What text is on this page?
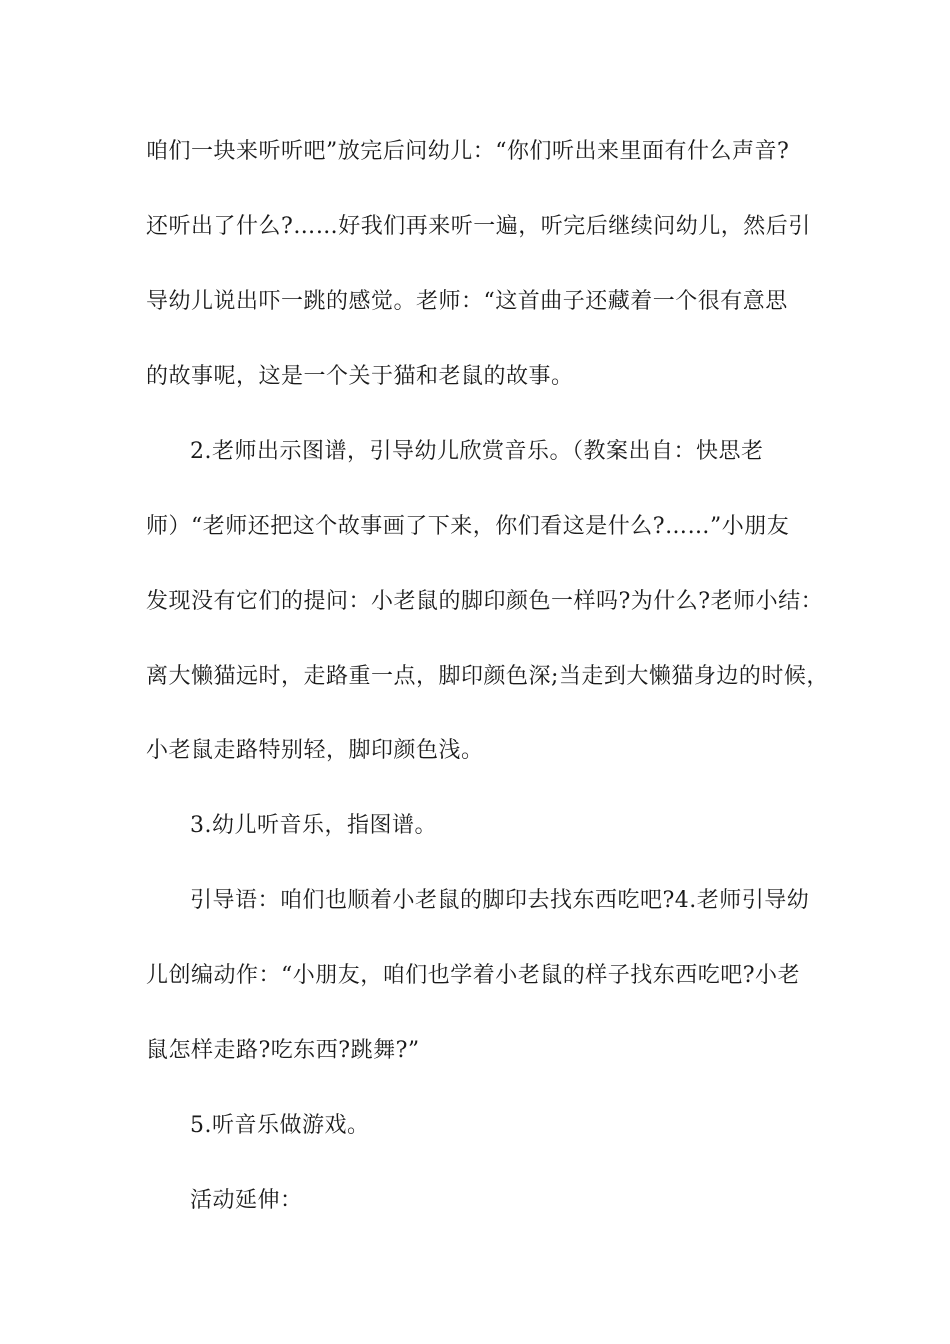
咱们一块来听听吧”放完后问幼儿：“你们听出来里面有什么声音?
还听出了什么?……好我们再来听一遍，听完后继续问幼儿，然后引
导幼儿说出吓一跳的感觉。老师：“这首曲子还藏着一个很有意思
的故事呢，这是一个关于猫和老鼠的故事。
2.老师出示图谱，引导幼儿欣赏音乐。（教案出自：快思老
师）“老师还把这个故事画了下来，你们看这是什么?……”小朋友
发现没有它们的提问：小老鼠的脚印颜色一样吗?为什么?老师小结：
离大懒猫远时，走路重一点，脚印颜色深;当走到大懒猫身边的时候，
小老鼠走路特别轻，脚印颜色浅。
3.幼儿听音乐，指图谱。
引导语：咱们也顺着小老鼠的脚印去找东西吃吧?4.老师引导幼
儿创编动作：“小朋友，咱们也学着小老鼠的样子找东西吃吧?小老
鼠怎样走路?吃东西?跳舞?”
5.听音乐做游戏。
活动延伸：
